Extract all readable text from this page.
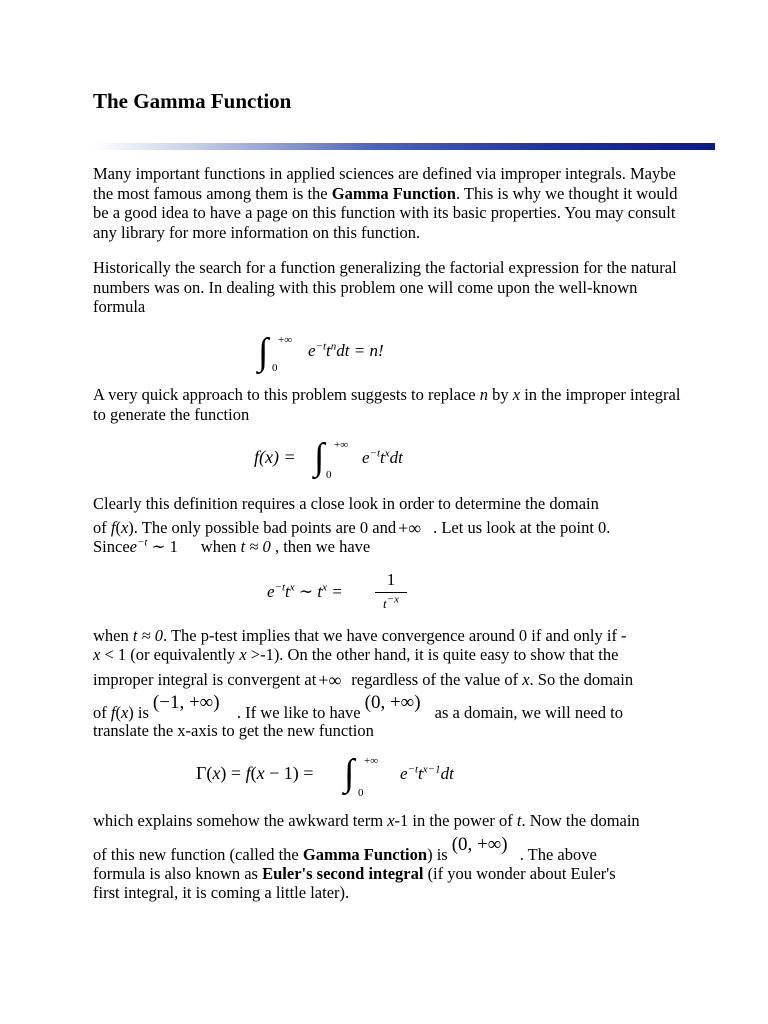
The Gamma Function

Many important functions in applied sciences are defined via improper integrals. Maybe the most famous among them is the Gamma Function. This is why we thought it would be a good idea to have a page on this function with its basic properties. You may consult any library for more information on this function.

Historically the search for a function generalizing the factorial expression for the natural numbers was on. In dealing with this problem one will come upon the well-known formula

∫ +∞
0
$e^{-t}t^ndt = n$!

A very quick approach to this problem suggests to replace n by x in the improper integral to generate the function

f(x) = ∫ +∞
0
$e^{-t}t^xdt$

Clearly this definition requires a close look in order to determine the domain

of f(x). The only possible bad points are 0 and +∞ . Let us look at the point 0.

Sincee$^{-t}$ ∼ 1 when t ≈ 0 , then we have

$e^{-t}t^x$ ∼ $t^x$ =
1
$t^{-x}$

when t ≈ 0. The p-test implies that we have convergence around 0 if and only if -

x < 1 (or equivalently x >-1). On the other hand, it is quite easy to show that the

improper integral is convergent at +∞ regardless of the value of x. So the domain

of f(x) is (−1, +∞) . If we like to have (0, +∞) as a domain, we will need to

translate the x-axis to get the new function

Γ(x) = f(x − 1) = ∫ +∞
0
$e^{-t}t^{x-1}dt$

which explains somehow the awkward term x-1 in the power of t. Now the domain

of this new function (called the Gamma Function) is (0, +∞) . The above

formula is also known as Euler's second integral (if you wonder about Euler's

first integral, it is coming a little later).
